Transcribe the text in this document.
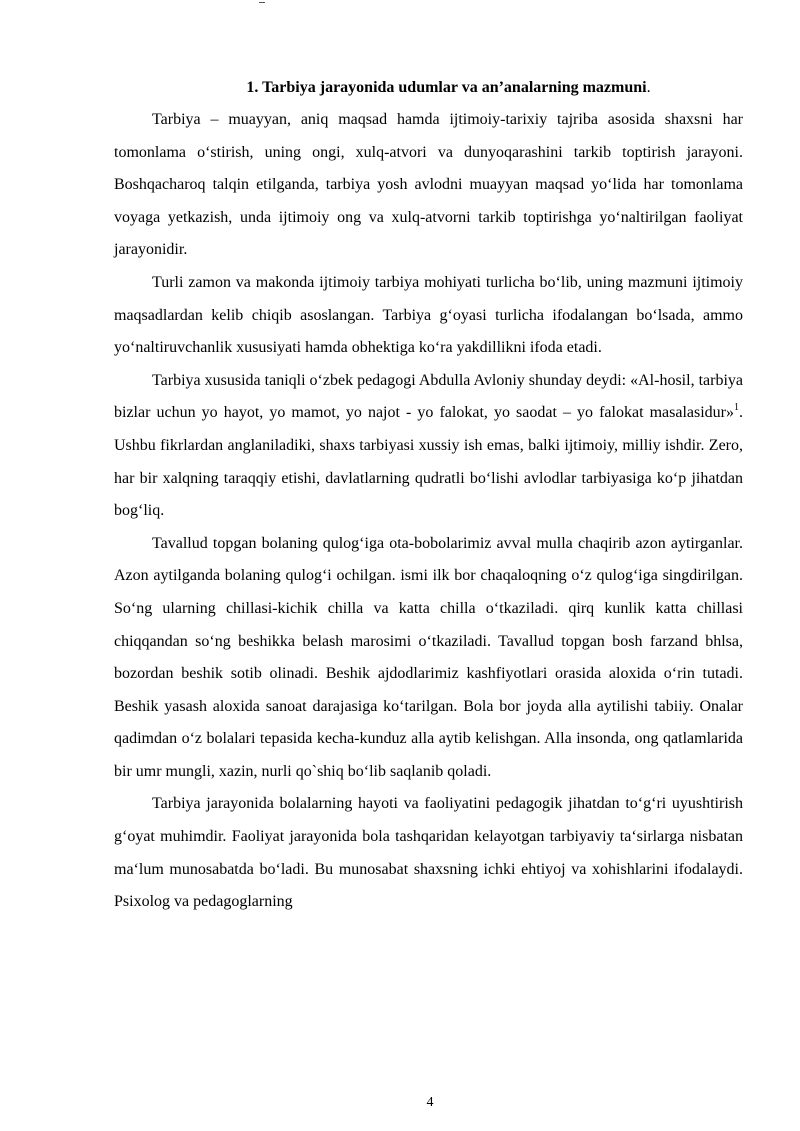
1. Tarbiya jarayonida udumlar va an’analarning mazmuni.

Tarbiya – muayyan, aniq maqsad hamda ijtimoiy-tarixiy tajriba asosida shaxsni har tomonlama oʻstirish, uning ongi, xulq-atvori va dunyoqarashini tarkib toptirish jarayoni. Boshqacharoq talqin etilganda, tarbiya yosh avlodni muayyan maqsad yoʻlida har tomonlama voyaga yetkazish, unda ijtimoiy ong va xulq-atvorni tarkib toptirishga yoʻnaltirilgan faoliyat jarayonidir.

Turli zamon va makonda ijtimoiy tarbiya mohiyati turlicha boʻlib, uning mazmuni ijtimoiy maqsadlardan kelib chiqib asoslangan. Tarbiya gʻoyasi turlicha ifodalangan boʻlsada, ammo yoʻnaltiruvchanlik xususiyati hamda obhektiga koʻra yakdillikni ifoda etadi.

Tarbiya xususida taniqli oʻzbek pedagogi Abdulla Avloniy shunday deydi: «Al-hosil, tarbiya bizlar uchun yo hayot, yo mamot, yo najot - yo falokat, yo saodat – yo falokat masalasidur»$^1$. Ushbu fikrlardan anglaniladiki, shaxs tarbiyasi xussiy ish emas, balki ijtimoiy, milliy ishdir. Zero, har bir xalqning taraqqiy etishi, davlatlarning qudratli boʻlishi avlodlar tarbiyasiga koʻp jihatdan bogʻliq.

Tavallud topgan bolaning qulogʻiga ota-bobolarimiz avval mulla chaqirib azon aytirganlar. Azon aytilganda bolaning qulogʻi ochilgan. ismi ilk bor chaqaloqning oʻz qulogʻiga singdirilgan. Soʻng ularning chillasi-kichik chilla va katta chilla oʻtkaziladi. qirq kunlik katta chillasi chiqqandan soʻng beshikka belash marosimi oʻtkaziladi. Tavallud topgan bosh farzand bhlsa, bozordan beshik sotib olinadi. Beshik ajdodlarimiz kashfiyotlari orasida aloxida oʻrin tutadi. Beshik yasash aloxida sanoat darajasiga koʻtarilgan. Bola bor joyda alla aytilishi tabiiy. Onalar qadimdan oʻz bolalari tepasida kecha-kunduz alla aytib kelishgan. Alla insonda, ong qatlamlarida bir umr mungli, xazin, nurli qo`shiq boʻlib saqlanib qoladi.

Tarbiya jarayonida bolalarning hayoti va faoliyatini pedagogik jihatdan toʻgʻri uyushtirish gʻoyat muhimdir. Faoliyat jarayonida bola tashqaridan kelayotgan tarbiyaviy taʻsirlarga nisbatan maʻlum munosabatda boʻladi. Bu munosabat shaxsning ichki ehtiyoj va xohishlarini ifodalaydi. Psixolog va pedagoglarning

4
